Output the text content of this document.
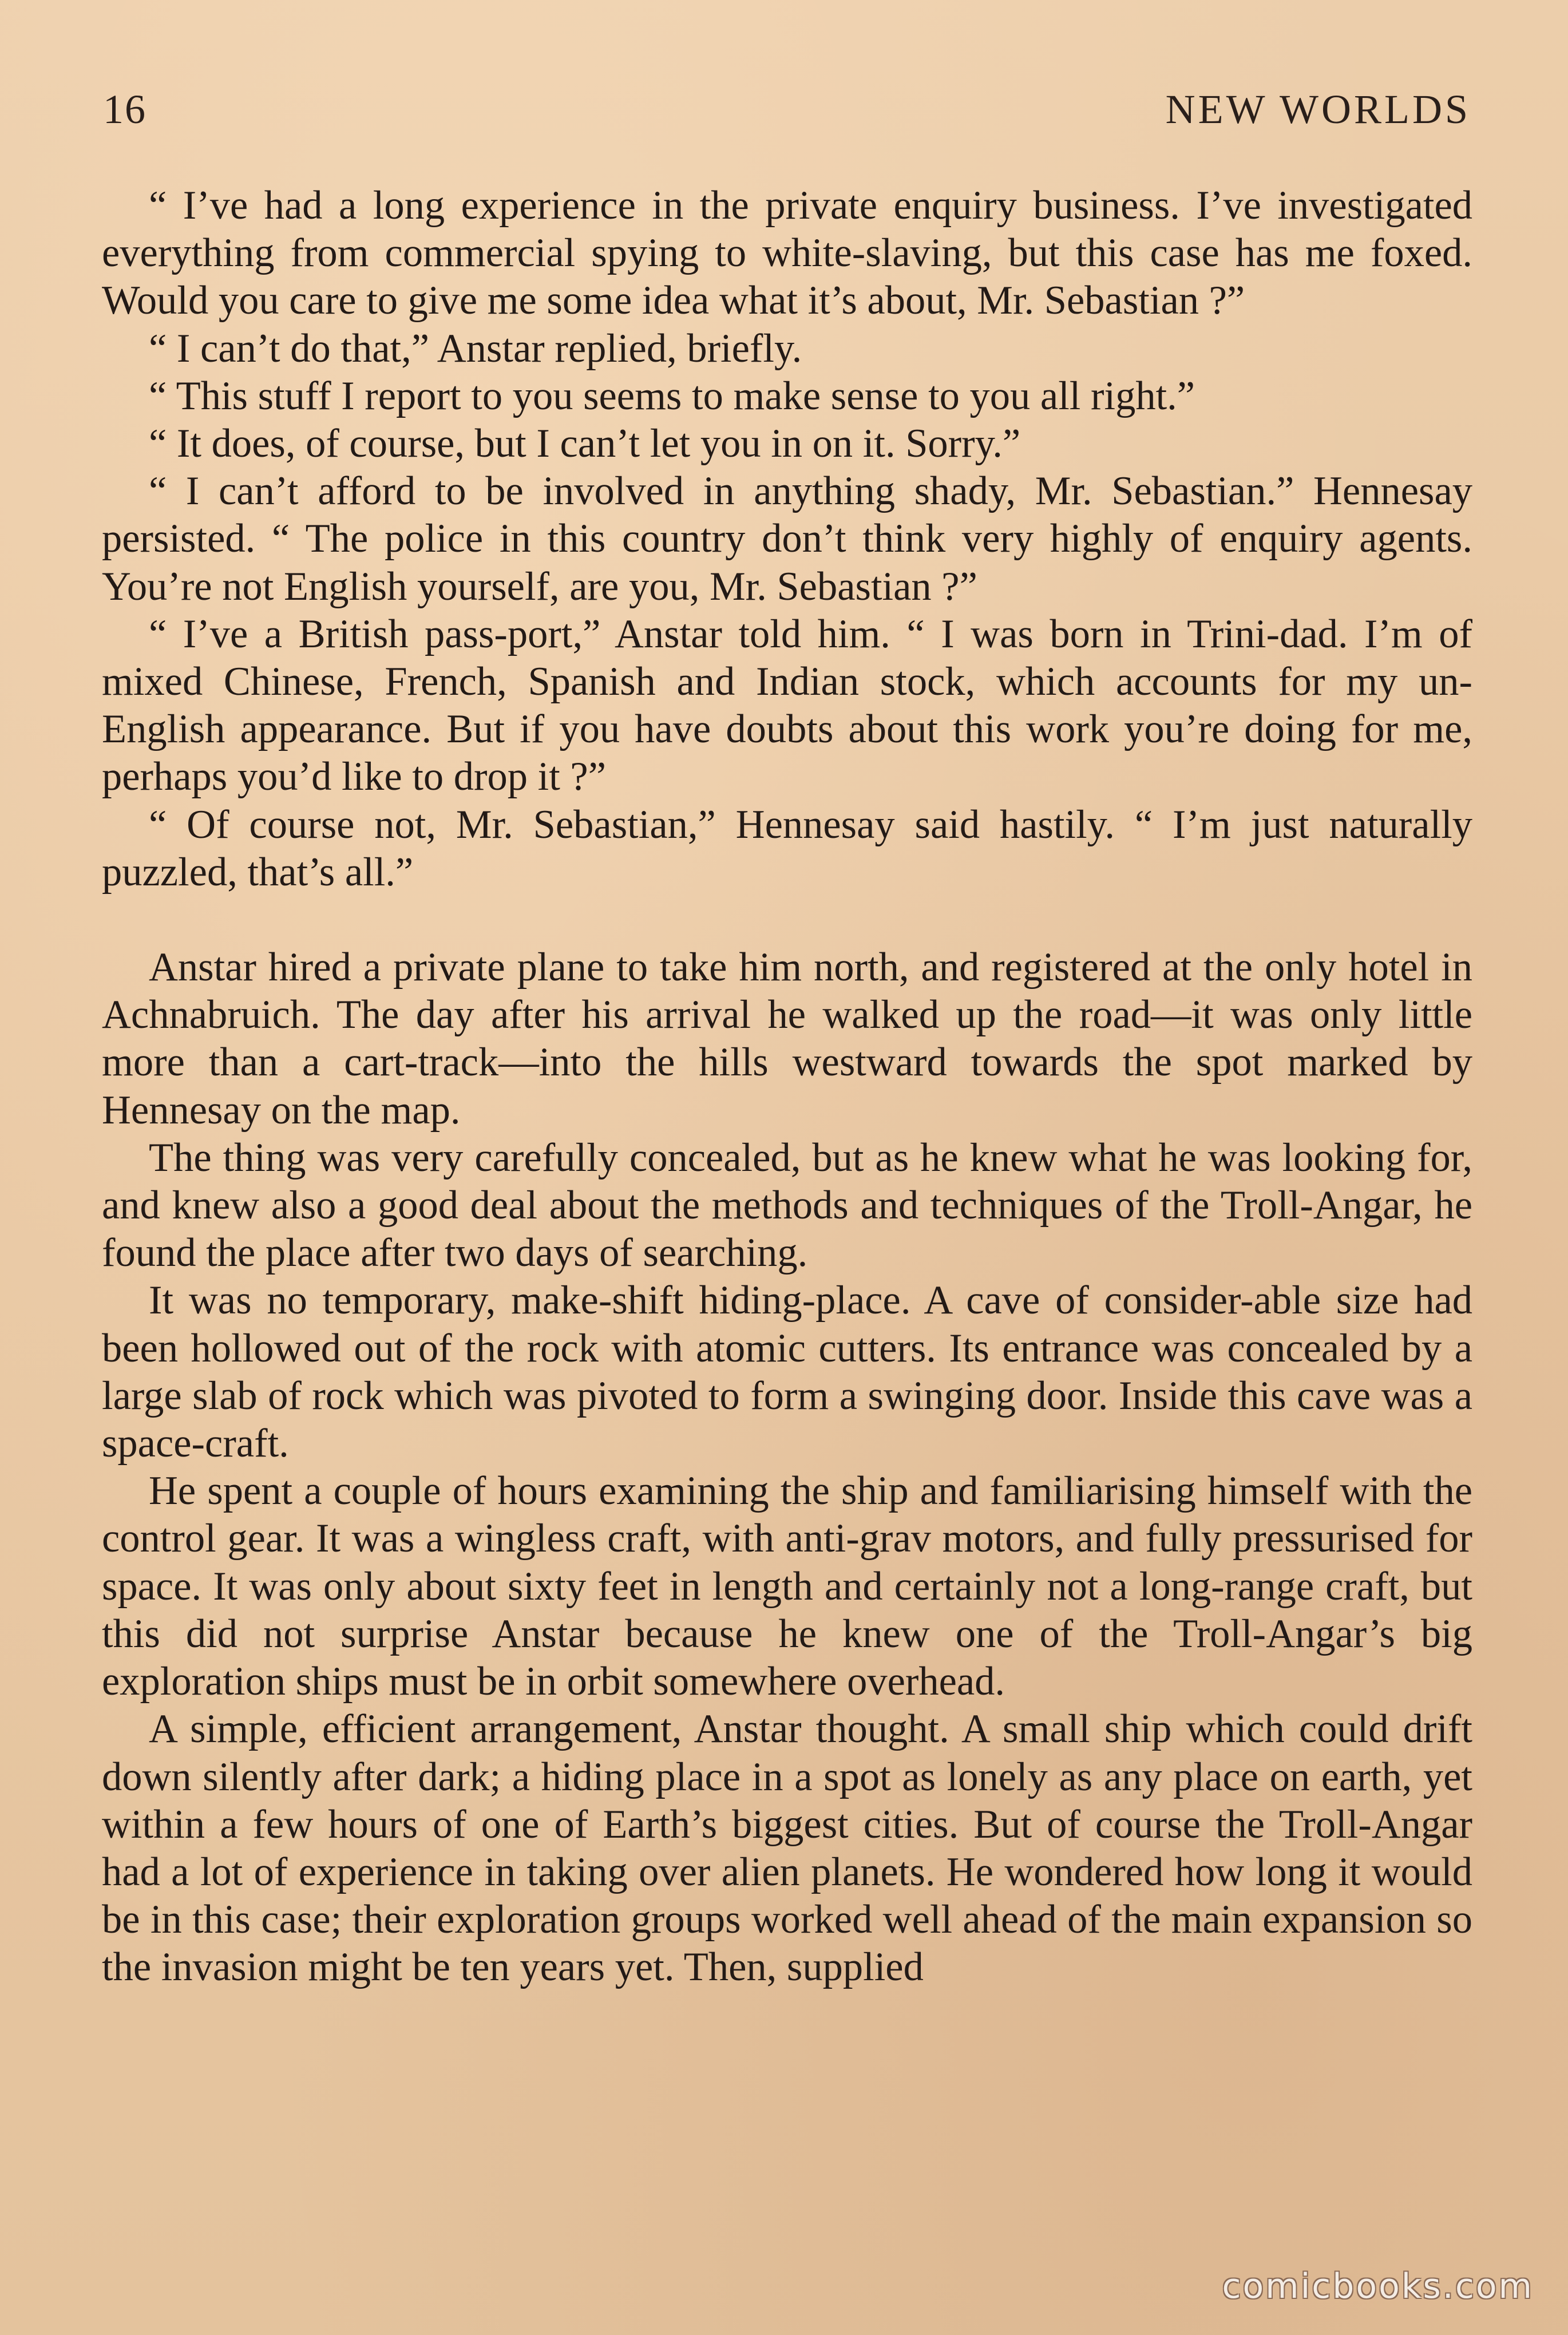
16	NEW WORLDS

“ I’ve had a long experience in the private enquiry business. I’ve investigated everything from commercial spying to white-slaving, but this case has me foxed. Would you care to give me some idea what it’s about, Mr. Sebastian ?”

“ I can’t do that,” Anstar replied, briefly.

“ This stuff I report to you seems to make sense to you all right.”

“ It does, of course, but I can’t let you in on it. Sorry.”

“ I can’t afford to be involved in anything shady, Mr. Sebastian.” Hennesay persisted. “ The police in this country don’t think very highly of enquiry agents. You’re not English yourself, are you, Mr. Sebastian ?”

“ I’ve a British pass-port,” Anstar told him. “ I was born in Trini-dad. I’m of mixed Chinese, French, Spanish and Indian stock, which accounts for my un-English appearance. But if you have doubts about this work you’re doing for me, perhaps you’d like to drop it ?”

“ Of course not, Mr. Sebastian,” Hennesay said hastily. “ I’m just naturally puzzled, that’s all.”

Anstar hired a private plane to take him north, and registered at the only hotel in Achnabruich. The day after his arrival he walked up the road—it was only little more than a cart-track—into the hills westward towards the spot marked by Hennesay on the map.

The thing was very carefully concealed, but as he knew what he was looking for, and knew also a good deal about the methods and techniques of the Troll-Angar, he found the place after two days of searching.

It was no temporary, make-shift hiding-place. A cave of consider-able size had been hollowed out of the rock with atomic cutters. Its entrance was concealed by a large slab of rock which was pivoted to form a swinging door. Inside this cave was a space-craft.

He spent a couple of hours examining the ship and familiarising himself with the control gear. It was a wingless craft, with anti-grav motors, and fully pressurised for space. It was only about sixty feet in length and certainly not a long-range craft, but this did not surprise Anstar because he knew one of the Troll-Angar’s big exploration ships must be in orbit somewhere overhead.

A simple, efficient arrangement, Anstar thought. A small ship which could drift down silently after dark; a hiding place in a spot as lonely as any place on earth, yet within a few hours of one of Earth’s biggest cities. But of course the Troll-Angar had a lot of experience in taking over alien planets. He wondered how long it would be in this case; their exploration groups worked well ahead of the main expansion so the invasion might be ten years yet. Then, supplied

comicbooks.com
